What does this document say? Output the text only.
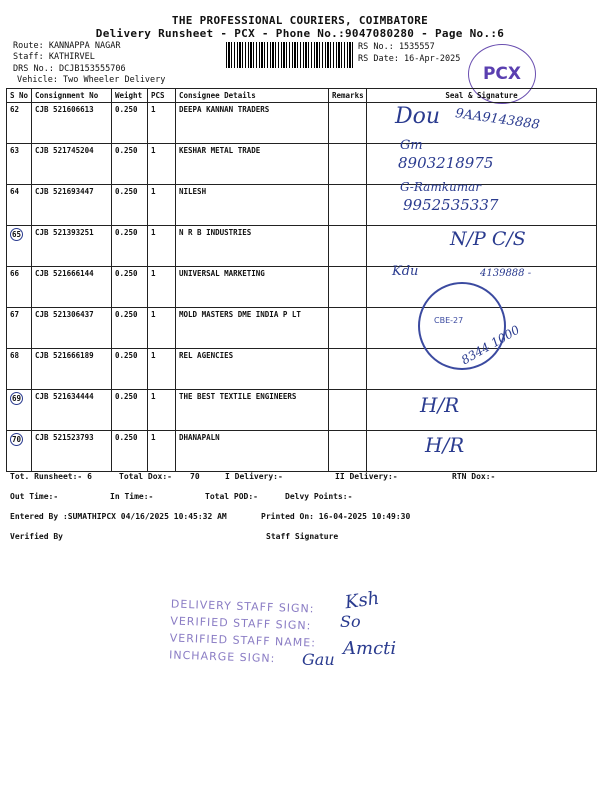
THE PROFESSIONAL COURIERS, COIMBATORE
Delivery Runsheet - PCX - Phone No.:9047080280 - Page No.:6
Route: KANNAPPA NAGAR
Staff: KATHIRVEL
DRS No.: DCJB153555706
Vehicle: Two Wheeler Delivery
RS No.: 1535557
RS Date: 16-Apr-2025
PCX
S No	Consignment No	Weight	PCS	Consignee Details	Remarks	Seal & Signature
62	CJB 521606613	0.250	1	DEEPA KANNAN TRADERS		
63	CJB 521745204	0.250	1	KESHAR METAL TRADE		
64	CJB 521693447	0.250	1	NILESH		
65	CJB 521393251	0.250	1	N R B INDUSTRIES		
66	CJB 521666144	0.250	1	UNIVERSAL MARKETING		
67	CJB 521306437	0.250	1	MOLD MASTERS DME INDIA P LT		
68	CJB 521666189	0.250	1	REL AGENCIES		
69	CJB 521634444	0.250	1	THE BEST TEXTILE ENGINEERS		
70	CJB 521523793	0.250	1	DHANAPALN		
Dou 9AA9143888
Gm
8903218975
G-Ramkumar
9952535337
N/P C/S
4139888 -
Kdu
CBE-27
8344 1000
H/R
H/R
Tot. Runsheet:- 6	Total Dox:- 70	I Delivery:-	II Delivery:-	RTN Dox:-
Out Time:-	In Time:-	Total POD:-	Delvy Points:-
Entered By :SUMATHIPCX 04/16/2025 10:45:32 AM	Printed On: 16-04-2025 10:49:30
Verified By	Staff Signature
DELIVERY STAFF SIGN:
VERIFIED STAFF SIGN:
VERIFIED STAFF NAME:
INCHARGE SIGN:
Ksh
So
Amcti
Gau
